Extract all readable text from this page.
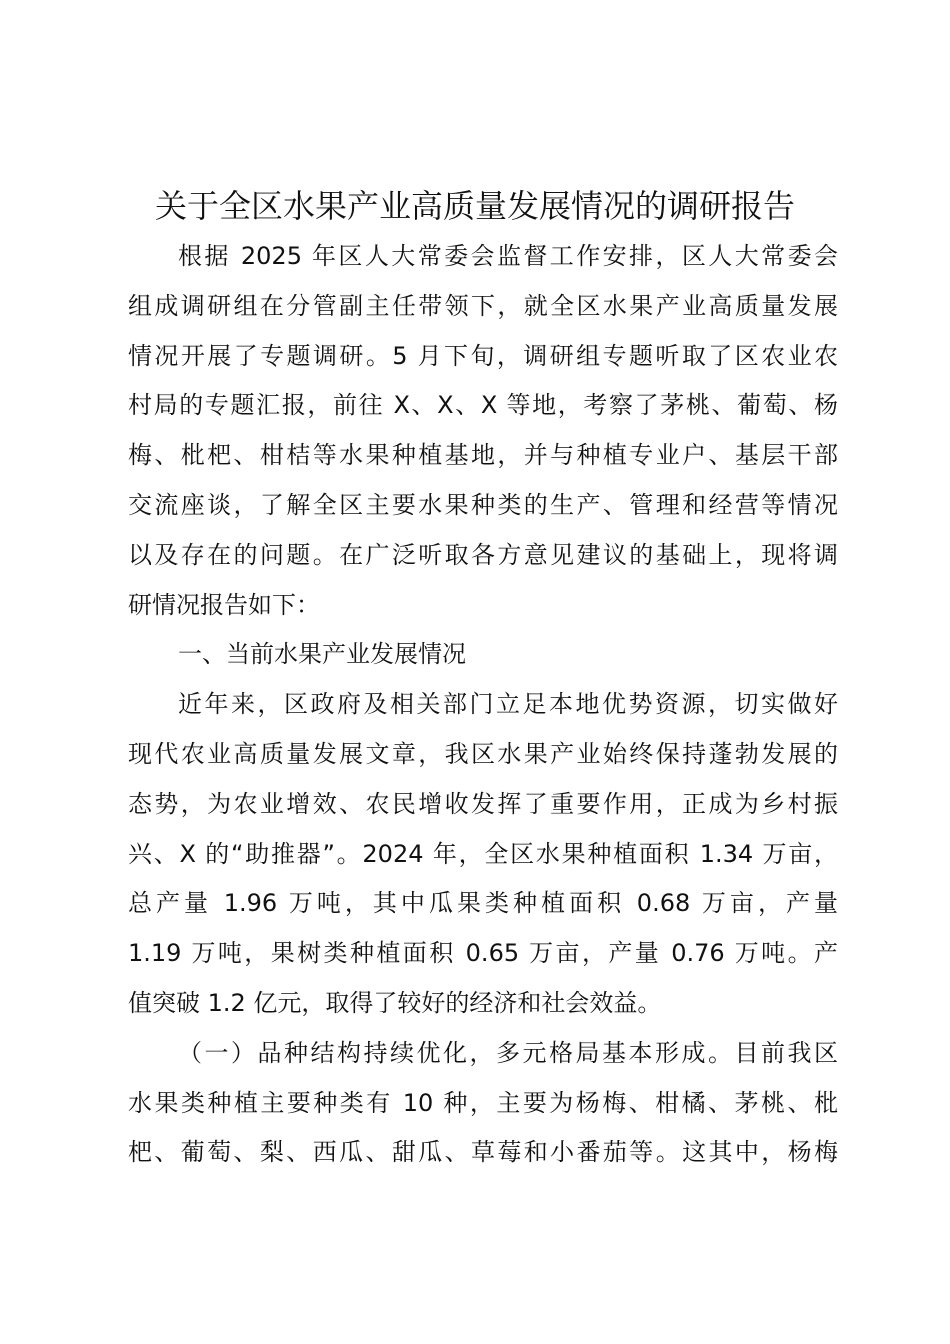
关于全区水果产业高质量发展情况的调研报告
根据 2025 年区人大常委会监督工作安排，区人大常委会
组成调研组在分管副主任带领下，就全区水果产业高质量发展
情况开展了专题调研。5 月下旬，调研组专题听取了区农业农
村局的专题汇报，前往 X、X、X 等地，考察了茅桃、葡萄、杨
梅、枇杷、柑桔等水果种植基地，并与种植专业户、基层干部
交流座谈，了解全区主要水果种类的生产、管理和经营等情况
以及存在的问题。在广泛听取各方意见建议的基础上，现将调
研情况报告如下：
一、当前水果产业发展情况
近年来，区政府及相关部门立足本地优势资源，切实做好
现代农业高质量发展文章，我区水果产业始终保持蓬勃发展的
态势，为农业增效、农民增收发挥了重要作用，正成为乡村振
兴、X 的“助推器”。2024 年，全区水果种植面积 1.34 万亩，
总产量 1.96 万吨，其中瓜果类种植面积 0.68 万亩，产量
1.19 万吨，果树类种植面积 0.65 万亩，产量 0.76 万吨。产
值突破 1.2 亿元，取得了较好的经济和社会效益。
（一）品种结构持续优化，多元格局基本形成。目前我区
水果类种植主要种类有 10 种，主要为杨梅、柑橘、茅桃、枇
杷、葡萄、梨、西瓜、甜瓜、草莓和小番茄等。这其中，杨梅
